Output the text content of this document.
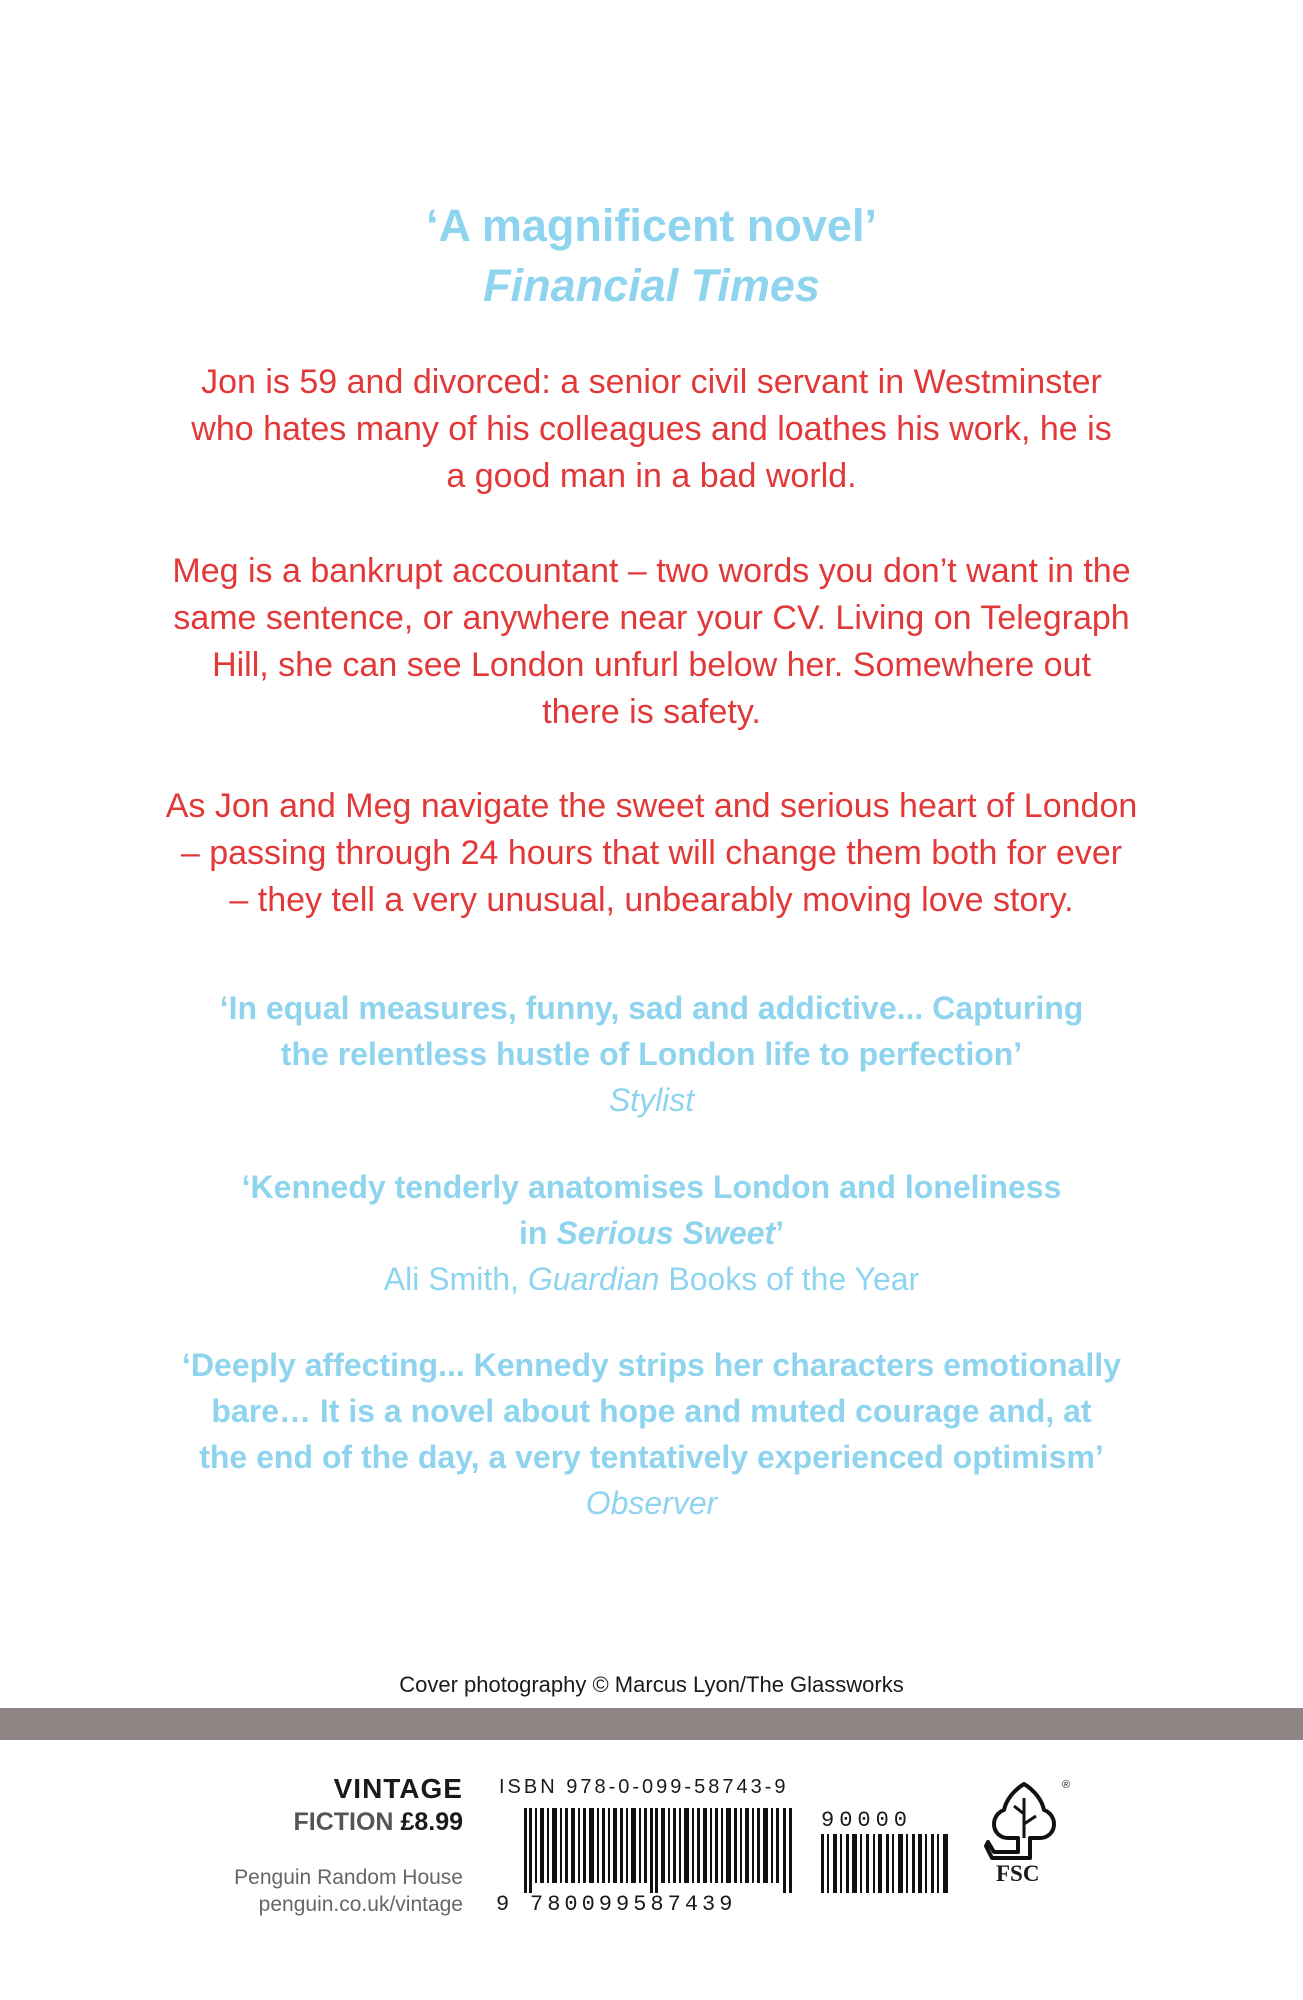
‘A magnificent novel’
Financial Times
Jon is 59 and divorced: a senior civil servant in Westminster
who hates many of his colleagues and loathes his work, he is
a good man in a bad world.
Meg is a bankrupt accountant – two words you don’t want in the
same sentence, or anywhere near your CV. Living on Telegraph
Hill, she can see London unfurl below her. Somewhere out
there is safety.
As Jon and Meg navigate the sweet and serious heart of London
– passing through 24 hours that will change them both for ever
– they tell a very unusual, unbearably moving love story.
‘In equal measures, funny, sad and addictive... Capturing
the relentless hustle of London life to perfection’
Stylist
‘Kennedy tenderly anatomises London and loneliness
in Serious Sweet’
Ali Smith, Guardian Books of the Year
‘Deeply affecting... Kennedy strips her characters emotionally
bare… It is a novel about hope and muted courage and, at
the end of the day, a very tentatively experienced optimism’
Observer
Cover photography © Marcus Lyon/The Glassworks
VINTAGE
FICTION £8.99
Penguin Random House
penguin.co.uk/vintage
ISBN 978-0-099-58743-9
9 780099587439
90000
®
FSC
